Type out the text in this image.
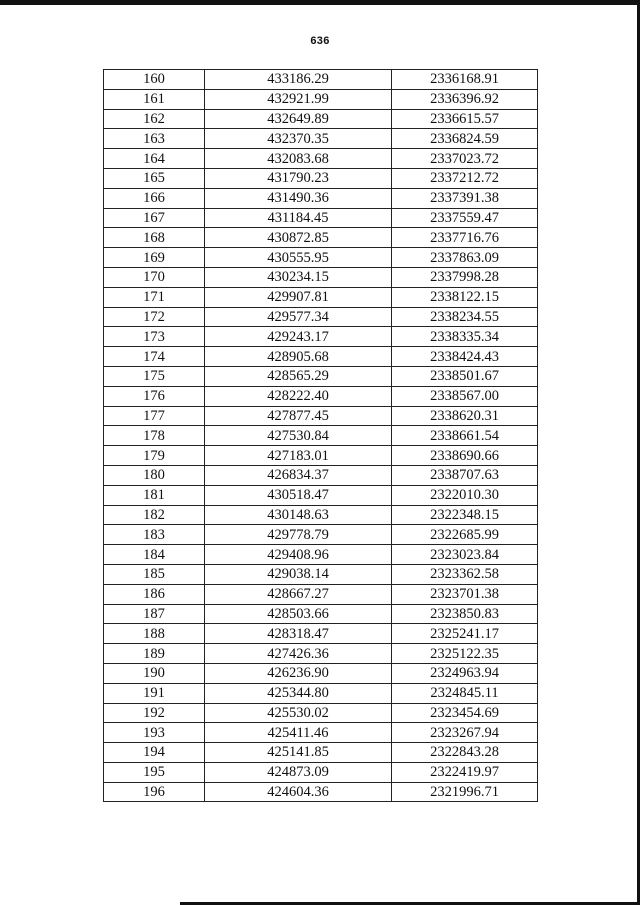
636
160	433186.29	2336168.91
161	432921.99	2336396.92
162	432649.89	2336615.57
163	432370.35	2336824.59
164	432083.68	2337023.72
165	431790.23	2337212.72
166	431490.36	2337391.38
167	431184.45	2337559.47
168	430872.85	2337716.76
169	430555.95	2337863.09
170	430234.15	2337998.28
171	429907.81	2338122.15
172	429577.34	2338234.55
173	429243.17	2338335.34
174	428905.68	2338424.43
175	428565.29	2338501.67
176	428222.40	2338567.00
177	427877.45	2338620.31
178	427530.84	2338661.54
179	427183.01	2338690.66
180	426834.37	2338707.63
181	430518.47	2322010.30
182	430148.63	2322348.15
183	429778.79	2322685.99
184	429408.96	2323023.84
185	429038.14	2323362.58
186	428667.27	2323701.38
187	428503.66	2323850.83
188	428318.47	2325241.17
189	427426.36	2325122.35
190	426236.90	2324963.94
191	425344.80	2324845.11
192	425530.02	2323454.69
193	425411.46	2323267.94
194	425141.85	2322843.28
195	424873.09	2322419.97
196	424604.36	2321996.71
